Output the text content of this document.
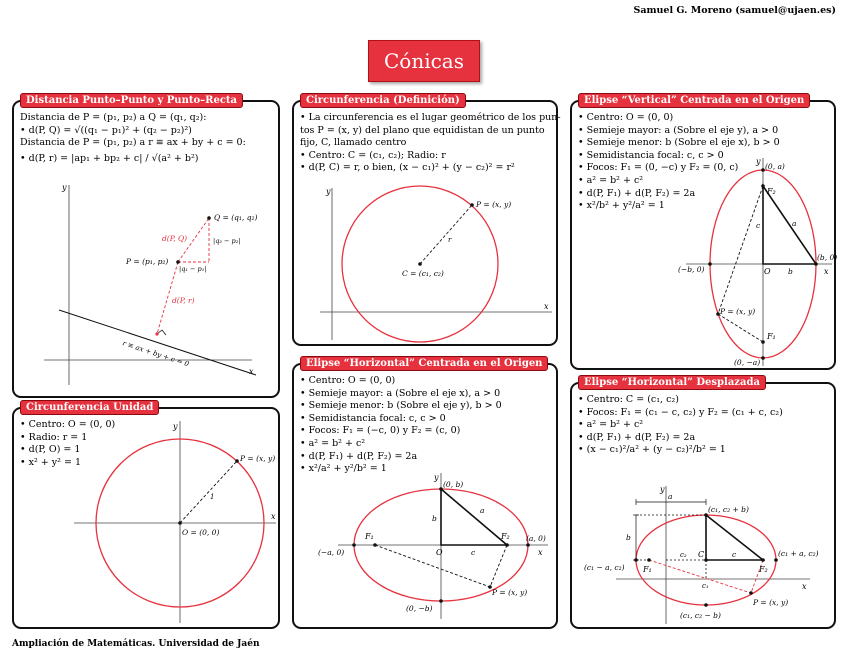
Samuel G. Moreno (samuel@ujaen.es)
Cónicas
Distancia Punto–Punto y Punto–Recta
Distancia de P = (p₁, p₂) a Q = (q₁, q₂):
• d(P, Q) = √((q₁ − p₁)² + (q₂ − p₂)²)
Distancia de P = (p₁, p₂) a r ≡ ax + by + c = 0:
• d(P, r) = |ap₁ + bp₂ + c| / √(a² + b²)
y
x
Q = (q₁, q₂)
P = (p₁, p₂)
d(P, Q)	|q₂ − p₂|
|q₁ − p₁|
d(P, r)
r ≡ ax + by + c = 0
Circunferencia Unidad
• Centro: O = (0, 0)
• Radio: r = 1
• d(P, O) = 1
• x² + y² = 1
y
x
P = (x, y)
O = (0, 0)
1
Circunferencia (Definición)
• La circunferencia es el lugar geométrico de los pun-
tos P = (x, y) del plano que equidistan de un punto
fijo, C, llamado centro
• Centro: C = (c₁, c₂); Radio: r
• d(P, C) = r, o bien, (x − c₁)² + (y − c₂)² = r²
y
x
P = (x, y)
C = (c₁, c₂)
r
Elipse “Horizontal” Centrada en el Origen
• Centro: O = (0, 0)
• Semieje mayor: a (Sobre el eje x), a > 0
• Semieje menor: b (Sobre el eje y), b > 0
• Semidistancia focal: c, c > 0
• Focos: F₁ = (−c, 0) y F₂ = (c, 0)
• a² = b² + c²
• d(P, F₁) + d(P, F₂) = 2a
• x²/a² + y²/b² = 1
y
x
(0, b)
(0, −b)
(−a, 0)
(a, 0)
F₁	F₂
O
P = (x, y)
a
b
c
Elipse “Vertical” Centrada en el Origen
• Centro: O = (0, 0)
• Semieje mayor: a (Sobre el eje y), a > 0
• Semieje menor: b (Sobre el eje x), b > 0
• Semidistancia focal: c, c > 0
• Focos: F₁ = (0, −c) y F₂ = (0, c)
• a² = b² + c²
• d(P, F₁) + d(P, F₂) = 2a
• x²/b² + y²/a² = 1
y
x
(0, a)
(0, −a)
(−b, 0)
(b, 0)
F₁
F₂
O
P = (x, y)
a
b
c
Elipse “Horizontal” Desplazada
• Centro: C = (c₁, c₂)
• Focos: F₁ = (c₁ − c, c₂) y F₂ = (c₁ + c, c₂)
• a² = b² + c²
• d(P, F₁) + d(P, F₂) = 2a
• (x − c₁)²/a² + (y − c₂)²/b² = 1
y
x
(c₁, c₂ + b)
(c₁, c₂ − b)
(c₁ − a, c₂)
(c₁ + a, c₂)
F₁	F₂
C
P = (x, y)
a
b
c
c₁
c₂
Ampliación de Matemáticas. Universidad de Jaén
